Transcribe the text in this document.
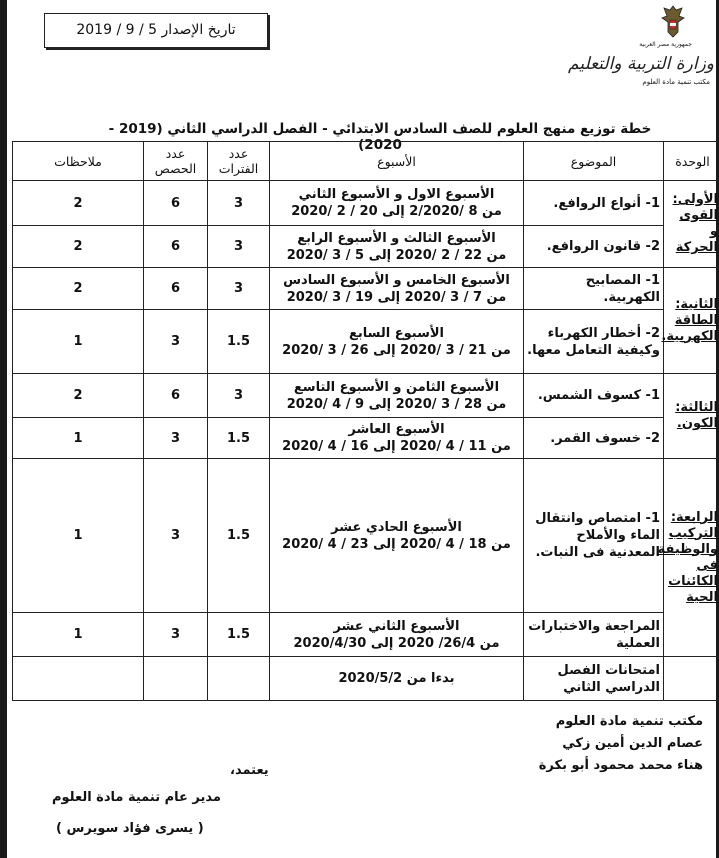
تاريخ الإصدار 5 / 9 / 2019
جمهورية مصر العربية
وزارة التربية والتعليم
مكتب تنمية مادة العلوم
خطة توزيع منهج العلوم للصف السادس الابتدائي - الفصل الدراسي الثاني (2019 - 2020)
الوحدة	الموضوع	الأسبوع	عدد الفترات	عدد الحصص	ملاحظات
الأولى: القوى و الحركة	1- أنواع الروافع.	الأسبوع الاول و الأسبوع الثاني
من 8 /2/2020 إلى 20 / 2 /2020	3	6	2
	2- قانون الروافع.	الأسبوع الثالث و الأسبوع الرابع
من 22 / 2 /2020 إلى 5 / 3 /2020	3	6	2
الثانية: الطاقة الكهربية.	1- المصابيح الكهربية.	الأسبوع الخامس و الأسبوع السادس
من 7 / 3 /2020 إلى 19 / 3 /2020	3	6	2
	2- أخطار الكهرباء وكيفية التعامل معها.	الأسبوع السابع
من 21 / 3 /2020 إلى 26 / 3 /2020	1.5	3	1
الثالثة: الكون.	1- كسوف الشمس.	الأسبوع الثامن و الأسبوع التاسع
من 28 / 3 /2020 إلى 9 / 4 /2020	3	6	2
	2- خسوف القمر.	الأسبوع العاشر
من 11 / 4 /2020 إلى 16 / 4 /2020	1.5	3	1
الرابعة: التركيب والوظيفة فى الكائنات الحية	1- امتصاص وانتقال الماء والأملاح المعدنية فى النبات.	الأسبوع الحادي عشر
من 18 / 4 /2020 إلى 23 / 4 /2020	1.5	3	1
	المراجعة والاختبارات العملية	الأسبوع الثاني عشر
من 26/4/ 2020 إلى 2020/4/30	1.5	3	1
	امتحانات الفصل الدراسي الثاني	بدءا من 2020/5/2			

مكتب تنمية مادة العلوم
عصام الدين أمين زكي
هناء محمد محمود أبو بكرة
يعتمد،
مدير عام تنمية مادة العلوم
( يسرى فؤاد سويرس )
